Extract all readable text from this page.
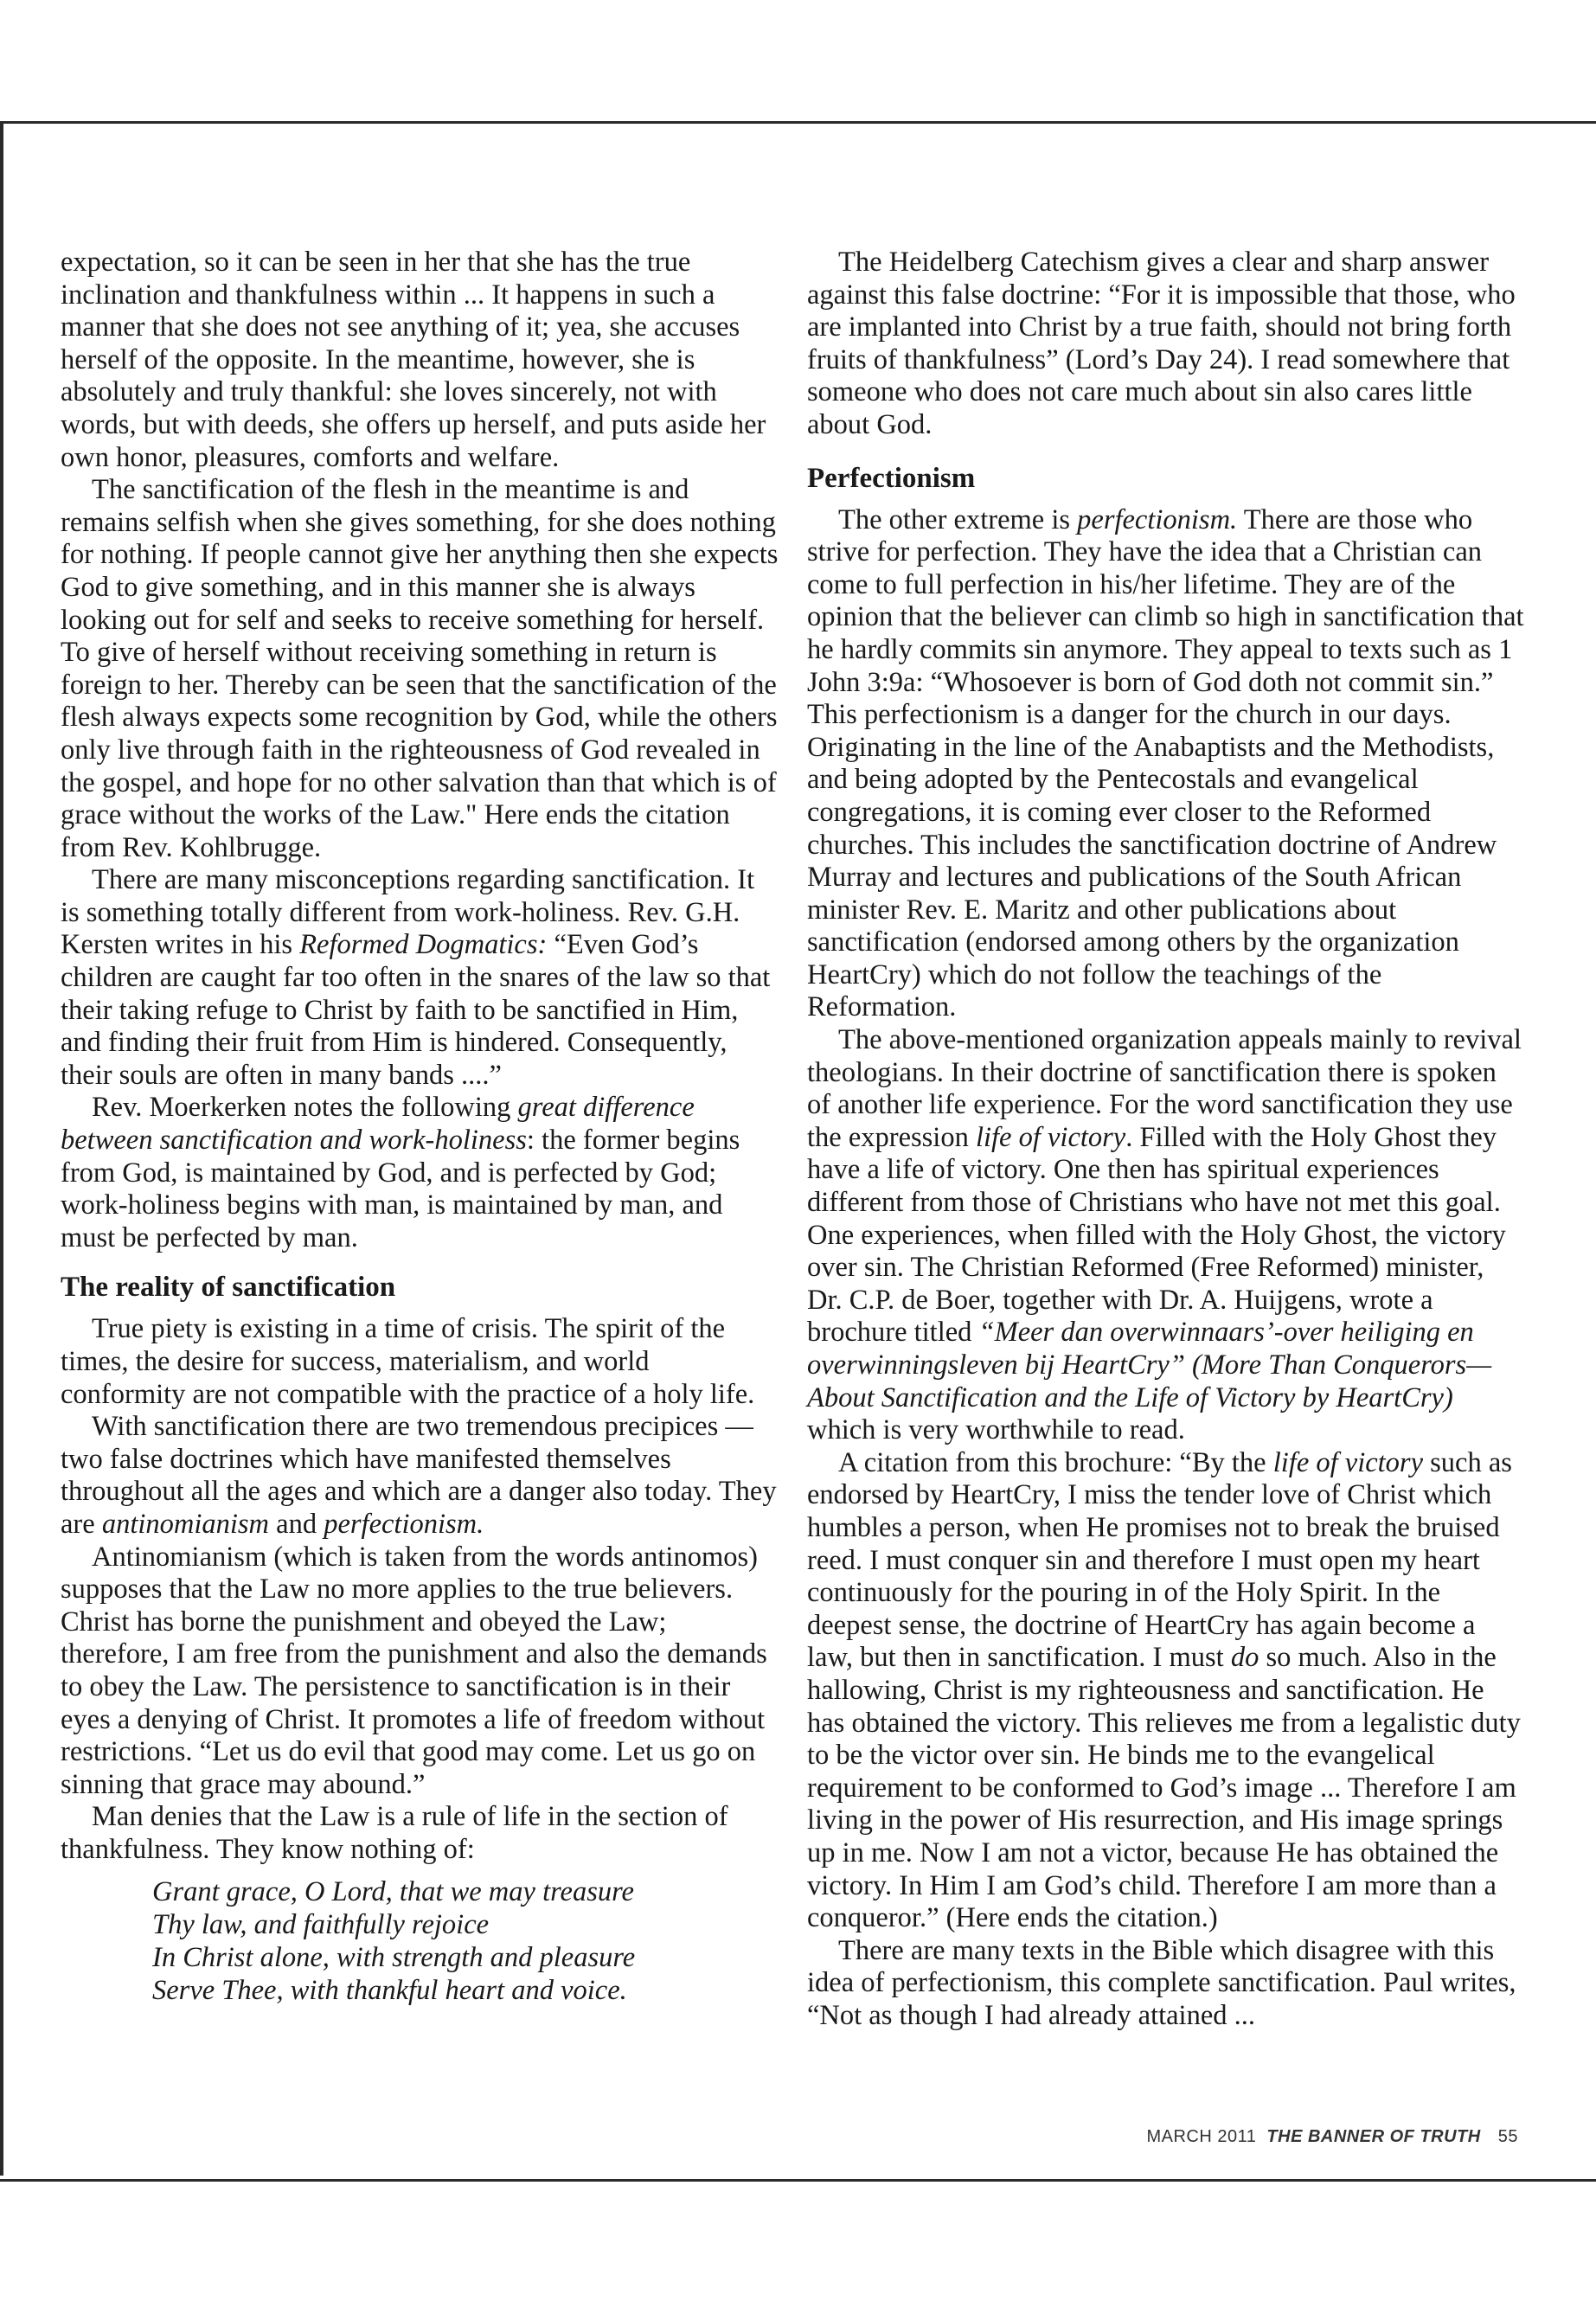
expectation, so it can be seen in her that she has the true inclination and thankfulness within ... It happens in such a manner that she does not see anything of it; yea, she accuses herself of the opposite. In the meantime, however, she is absolutely and truly thankful: she loves sincerely, not with words, but with deeds, she offers up herself, and puts aside her own honor, pleasures, comforts and welfare.

The sanctification of the flesh in the meantime is and remains selfish when she gives something, for she does nothing for nothing. If people cannot give her anything then she expects God to give something, and in this manner she is always looking out for self and seeks to receive something for herself. To give of herself without receiving something in return is foreign to her. Thereby can be seen that the sanctification of the flesh always expects some recognition by God, while the others only live through faith in the righteousness of God revealed in the gospel, and hope for no other salvation than that which is of grace without the works of the Law." Here ends the citation from Rev. Kohlbrugge.

There are many misconceptions regarding sanctification. It is something totally different from work-holiness. Rev. G.H. Kersten writes in his Reformed Dogmatics: “Even God’s children are caught far too often in the snares of the law so that their taking refuge to Christ by faith to be sanctified in Him, and finding their fruit from Him is hindered. Consequently, their souls are often in many bands ....”

Rev. Moerkerken notes the following great difference between sanctification and work-holiness: the former begins from God, is maintained by God, and is perfected by God; work-holiness begins with man, is maintained by man, and must be perfected by man.

The reality of sanctification

True piety is existing in a time of crisis. The spirit of the times, the desire for success, materialism, and world conformity are not compatible with the practice of a holy life.

With sanctification there are two tremendous precipices —two false doctrines which have manifested themselves throughout all the ages and which are a danger also today. They are antinomianism and perfectionism.

Antinomianism (which is taken from the words antinomos) supposes that the Law no more applies to the true believers. Christ has borne the punishment and obeyed the Law; therefore, I am free from the punishment and also the demands to obey the Law. The persistence to sanctification is in their eyes a denying of Christ. It promotes a life of freedom without restrictions. “Let us do evil that good may come. Let us go on sinning that grace may abound.”

Man denies that the Law is a rule of life in the section of thankfulness. They know nothing of:

Grant grace, O Lord, that we may treasure
Thy law, and faithfully rejoice
In Christ alone, with strength and pleasure
Serve Thee, with thankful heart and voice.

The Heidelberg Catechism gives a clear and sharp answer against this false doctrine: “For it is impossible that those, who are implanted into Christ by a true faith, should not bring forth fruits of thankfulness” (Lord’s Day 24). I read somewhere that someone who does not care much about sin also cares little about God.

Perfectionism

The other extreme is perfectionism. There are those who strive for perfection. They have the idea that a Christian can come to full perfection in his/her lifetime. They are of the opinion that the believer can climb so high in sanctification that he hardly commits sin anymore. They appeal to texts such as 1 John 3:9a: “Whosoever is born of God doth not commit sin.” This perfectionism is a danger for the church in our days. Originating in the line of the Anabaptists and the Methodists, and being adopted by the Pentecostals and evangelical congregations, it is coming ever closer to the Reformed churches. This includes the sanctification doctrine of Andrew Murray and lectures and publications of the South African minister Rev. E. Maritz and other publications about sanctification (endorsed among others by the organization HeartCry) which do not follow the teachings of the Reformation.

The above-mentioned organization appeals mainly to revival theologians. In their doctrine of sanctification there is spoken of another life experience. For the word sanctification they use the expression life of victory. Filled with the Holy Ghost they have a life of victory. One then has spiritual experiences different from those of Christians who have not met this goal. One experiences, when filled with the Holy Ghost, the victory over sin. The Christian Reformed (Free Reformed) minister, Dr. C.P. de Boer, together with Dr. A. Huijgens, wrote a brochure titled “Meer dan overwinnaars’-over heiliging en overwinningsleven bij HeartCry” (More Than Conquerors—About Sanctification and the Life of Victory by HeartCry) which is very worthwhile to read.

A citation from this brochure: “By the life of victory such as endorsed by HeartCry, I miss the tender love of Christ which humbles a person, when He promises not to break the bruised reed. I must conquer sin and therefore I must open my heart continuously for the pouring in of the Holy Spirit. In the deepest sense, the doctrine of HeartCry has again become a law, but then in sanctification. I must do so much. Also in the hallowing, Christ is my righteousness and sanctification. He has obtained the victory. This relieves me from a legalistic duty to be the victor over sin. He binds me to the evangelical requirement to be conformed to God’s image ... Therefore I am living in the power of His resurrection, and His image springs up in me. Now I am not a victor, because He has obtained the victory. In Him I am God’s child. Therefore I am more than a conqueror.” (Here ends the citation.)

There are many texts in the Bible which disagree with this idea of perfectionism, this complete sanctification. Paul writes, “Not as though I had already attained ...

MARCH 2011 THE BANNER OF TRUTH 55
